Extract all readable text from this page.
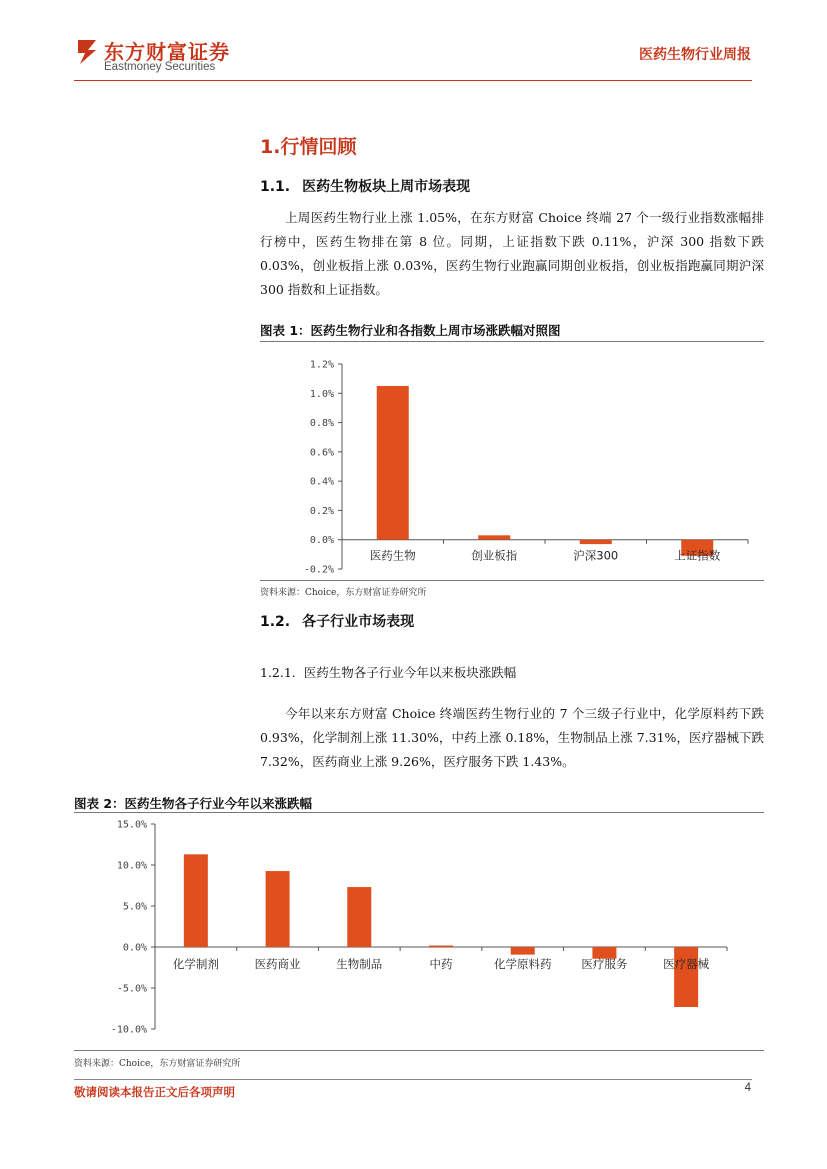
东方财富证券
Eastmoney Securities
医药生物行业周报
1.行情回顾
1.1. 医药生物板块上周市场表现
上周医药生物行业上涨 1.05%，在东方财富 Choice 终端 27 个一级行业指数涨幅排行榜中，医药生物排在第 8 位。同期，上证指数下跌 0.11%，沪深 300 指数下跌 0.03%，创业板指上涨 0.03%，医药生物行业跑赢同期创业板指，创业板指跑赢同期沪深 300 指数和上证指数。
图表 1：医药生物行业和各指数上周市场涨跌幅对照图
1.2%
1.0%
0.8%
0.6%
0.4%
0.2%
0.0%
-0.2%
医药生物	创业板指	沪深300	上证指数
资料来源：Choice，东方财富证券研究所
1.2. 各子行业市场表现
1.2.1. 医药生物各子行业今年以来板块涨跌幅
今年以来东方财富 Choice 终端医药生物行业的 7 个三级子行业中，化学原料药下跌 0.93%，化学制剂上涨 11.30%，中药上涨 0.18%，生物制品上涨 7.31%，医疗器械下跌 7.32%，医药商业上涨 9.26%，医疗服务下跌 1.43%。
图表 2：医药生物各子行业今年以来涨跌幅
15.0%
10.0%
5.0%
0.0%
-5.0%
-10.0%
化学制剂	医药商业	生物制品	中药	化学原料药	医疗服务	医疗器械
资料来源：Choice，东方财富证券研究所
敬请阅读本报告正文后各项声明	4
